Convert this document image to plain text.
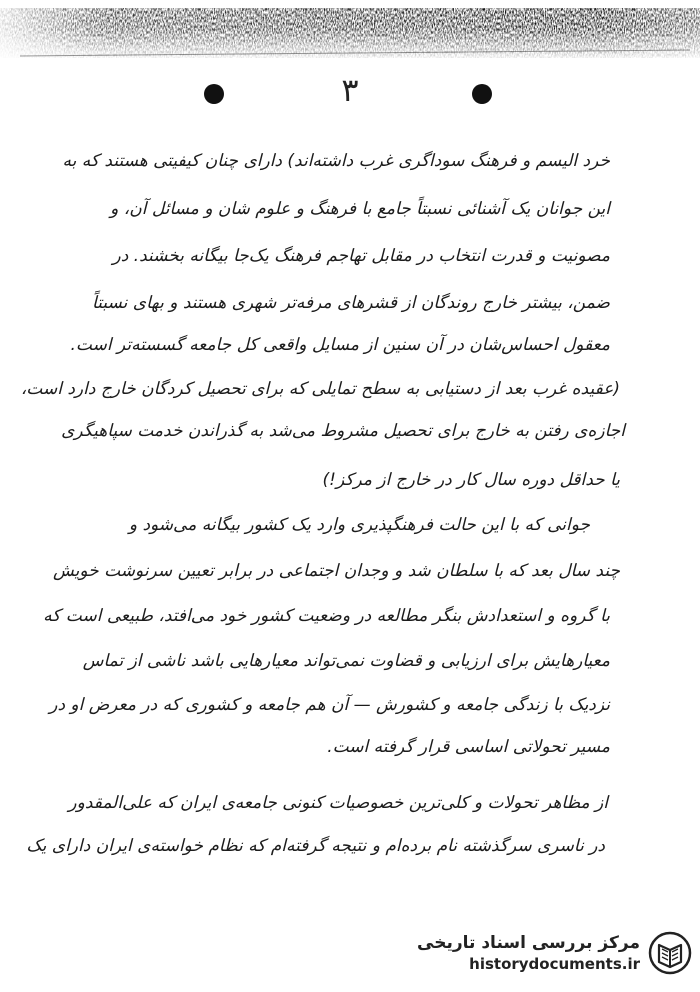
۳
خرد الیسم و فرهنگ سوداگری غرب داشته‌اند) دارای چنان کیفیتی هستند که به
این جوانان یک آشنائی نسبتاً جامع با فرهنگ و علوم‌ شان و مسائل آن، و
مصونیت و قدرت انتخاب در مقابل تهاجم فرهنگ یک‌جا بیگانه بخشند. در
ضمن، بیشتر خارج روندگان از قشرهای مرفه‌تر شهری هستند و بهای نسبتاً
معقول احساس‌شان در آن سنین از مسایل واقعی کل جامعه گسسته‌تر است.
(عقیده غرب بعد از دستیابی به سطح تمایلی که برای تحصیل کردگان خارج دارد است،
اجازه‌ی رفتن به خارج برای تحصیل مشروط می‌شد به گذراندن خدمت سپاهیگری
یا حداقل دوره سال کار در خارج از مرکز!)
جوانی که با این حالت فرهنگپذیری وارد یک کشور بیگانه می‌شود و
چند سال بعد که با سلطان شد و وجدان اجتماعی در برابر تعیین سرنوشت خویش
با گروه و استعدادش بنگر مطالعه در وضعیت کشور خود می‌افتد، طبیعی است که
معیارهایش برای ارزیابی و قضاوت نمی‌تواند معیارهایی باشد ناشی از تماس
نزدیک با زندگی جامعه و کشورش — آن هم جامعه و کشوری که در معرض او در
مسیر تحولاتی اساسی قرار گرفته است.
از مظاهر تحولات و کلی‌ترین خصوصیات کنونی جامعه‌ی ایران که علی‌المقدور
در ناسری سرگذشته نام برده‌ام و نتیجه گرفته‌ام که نظام خواسته‌ی ایران دارای یک
مرکز بررسی اسناد تاریخی
historydocuments.ir
